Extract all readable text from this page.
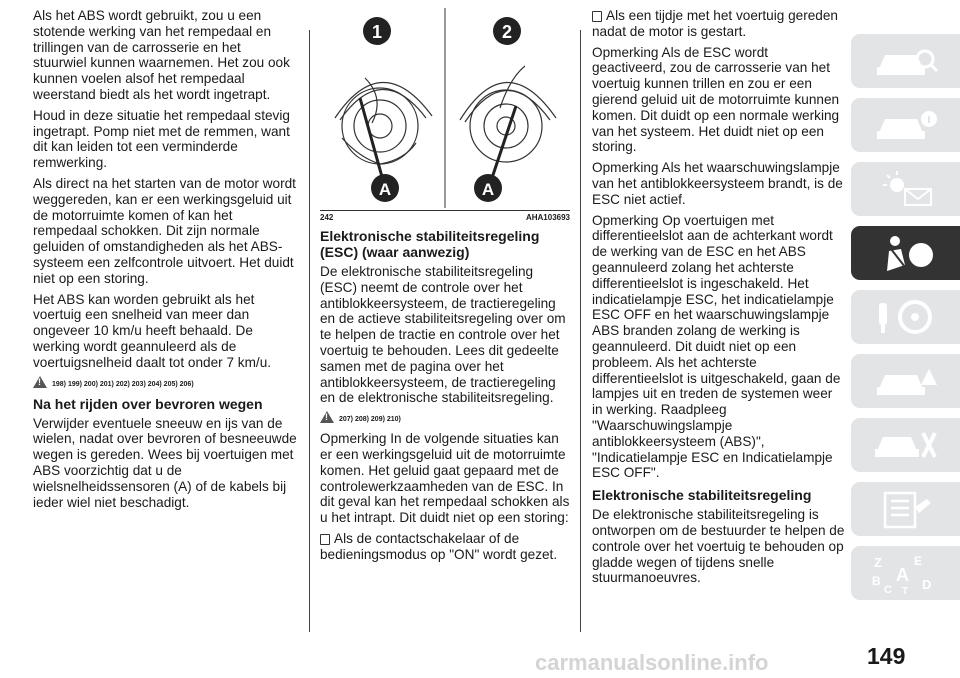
Als het ABS wordt gebruikt, zou u een stotende werking van het rempedaal en trillingen van de carrosserie en het stuurwiel kunnen waarnemen. Het zou ook kunnen voelen alsof het rempedaal weerstand biedt als het wordt ingetrapt.

Houd in deze situatie het rempedaal stevig ingetrapt. Pomp niet met de remmen, want dit kan leiden tot een verminderde remwerking.

Als direct na het starten van de motor wordt weggereden, kan er een werkingsgeluid uit de motorruimte komen of kan het rempedaal schokken. Dit zijn normale geluiden of omstandigheden als het ABS-systeem een zelfcontrole uitvoert. Het duidt niet op een storing.

Het ABS kan worden gebruikt als het voertuig een snelheid van meer dan ongeveer 10 km/u heeft behaald. De werking wordt geannuleerd als de voertuigsnelheid daalt tot onder 7 km/u.

!
198) 199) 200) 201) 202) 203) 204) 205) 206)
Na het rijden over bevroren wegen

Verwijder eventuele sneeuw en ijs van de wielen, nadat over bevroren of besneeuwde wegen is gereden. Wees bij voertuigen met ABS voorzichtig dat u de wielsnelheidssensoren (A) of de kabels bij ieder wiel niet beschadigt.

1	2
A	A
242	AHA103693
Elektronische stabiliteitsregeling (ESC) (waar aanwezig)

De elektronische stabiliteitsregeling (ESC) neemt de controle over het antiblokkeersysteem, de tractieregeling en de actieve stabiliteitsregeling over om te helpen de tractie en controle over het voertuig te behouden. Lees dit gedeelte samen met de pagina over het antiblokkeersysteem, de tractieregeling en de elektronische stabiliteitsregeling.

!
207) 208) 209) 210)

Opmerking In de volgende situaties kan er een werkingsgeluid uit de motorruimte komen. Het geluid gaat gepaard met de controlewerkzaamheden van de ESC. In dit geval kan het rempedaal schokken als u het intrapt. Dit duidt niet op een storing:

Als de contactschakelaar of de bedieningsmodus op "ON" wordt gezet.

Als een tijdje met het voertuig gereden nadat de motor is gestart.

Opmerking Als de ESC wordt geactiveerd, zou de carrosserie van het voertuig kunnen trillen en zou er een gierend geluid uit de motorruimte kunnen komen. Dit duidt op een normale werking van het systeem. Het duidt niet op een storing.

Opmerking Als het waarschuwingslampje van het antiblokkeersysteem brandt, is de ESC niet actief.

Opmerking Op voertuigen met differentieelslot aan de achterkant wordt de werking van de ESC en het ABS geannuleerd zolang het achterste differentieelslot is ingeschakeld. Het indicatielampje ESC, het indicatielampje ESC OFF en het waarschuwingslampje ABS branden zolang de werking is geannuleerd. Dit duidt niet op een probleem. Als het achterste differentieelslot is uitgeschakeld, gaan de lampjes uit en treden de systemen weer in werking. Raadpleeg "Waarschuwingslampje antiblokkeersysteem (ABS)", "Indicatielampje ESC en Indicatielampje ESC OFF".

Elektronische stabiliteitsregeling

De elektronische stabiliteitsregeling is ontworpen om de bestuurder te helpen de controle over het voertuig te behouden op gladde wegen of tijdens snelle stuurmanoeuvres.

Z	E
A
B
C T D
carmanualsonline.info	149
